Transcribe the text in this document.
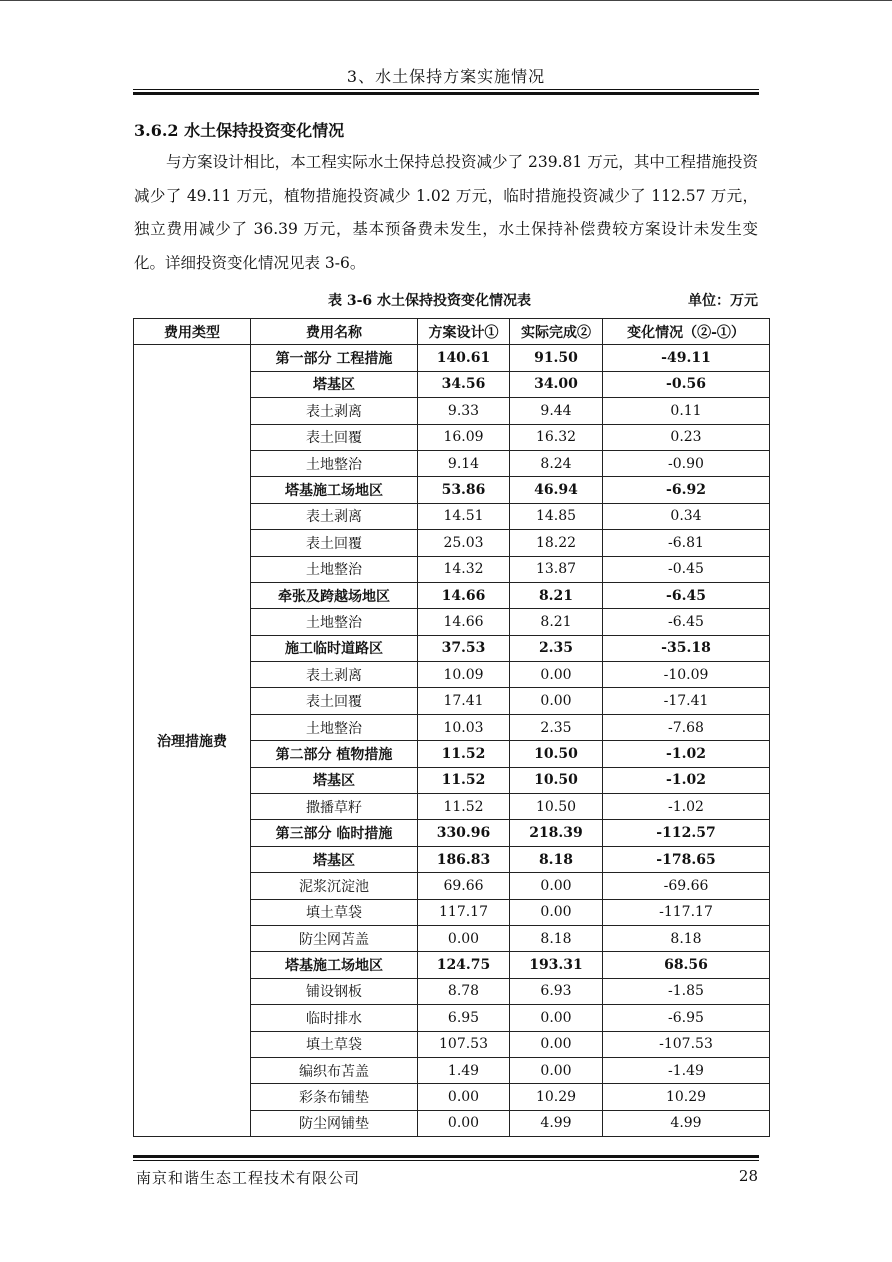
3、水土保持方案实施情况
3.6.2 水土保持投资变化情况
与方案设计相比，本工程实际水土保持总投资减少了 239.81 万元，其中工程措施投资减少了 49.11 万元，植物措施投资减少 1.02 万元，临时措施投资减少了 112.57 万元，独立费用减少了 36.39 万元，基本预备费未发生，水土保持补偿费较方案设计未发生变化。详细投资变化情况见表 3-6。
表 3-6 水土保持投资变化情况表	单位：万元
费用类型	费用名称	方案设计①	实际完成②	变化情况（②-①）
治理措施费	第一部分 工程措施	140.61	91.50	-49.11
	塔基区	34.56	34.00	-0.56
	表土剥离	9.33	9.44	0.11
	表土回覆	16.09	16.32	0.23
	土地整治	9.14	8.24	-0.90
	塔基施工场地区	53.86	46.94	-6.92
	表土剥离	14.51	14.85	0.34
	表土回覆	25.03	18.22	-6.81
	土地整治	14.32	13.87	-0.45
	牵张及跨越场地区	14.66	8.21	-6.45
	土地整治	14.66	8.21	-6.45
	施工临时道路区	37.53	2.35	-35.18
	表土剥离	10.09	0.00	-10.09
	表土回覆	17.41	0.00	-17.41
	土地整治	10.03	2.35	-7.68
	第二部分 植物措施	11.52	10.50	-1.02
	塔基区	11.52	10.50	-1.02
	撒播草籽	11.52	10.50	-1.02
	第三部分 临时措施	330.96	218.39	-112.57
	塔基区	186.83	8.18	-178.65
	泥浆沉淀池	69.66	0.00	-69.66
	填土草袋	117.17	0.00	-117.17
	防尘网苫盖	0.00	8.18	8.18
	塔基施工场地区	124.75	193.31	68.56
	铺设钢板	8.78	6.93	-1.85
	临时排水	6.95	0.00	-6.95
	填土草袋	107.53	0.00	-107.53
	编织布苫盖	1.49	0.00	-1.49
	彩条布铺垫	0.00	10.29	10.29
	防尘网铺垫	0.00	4.99	4.99
南京和谐生态工程技术有限公司	28
